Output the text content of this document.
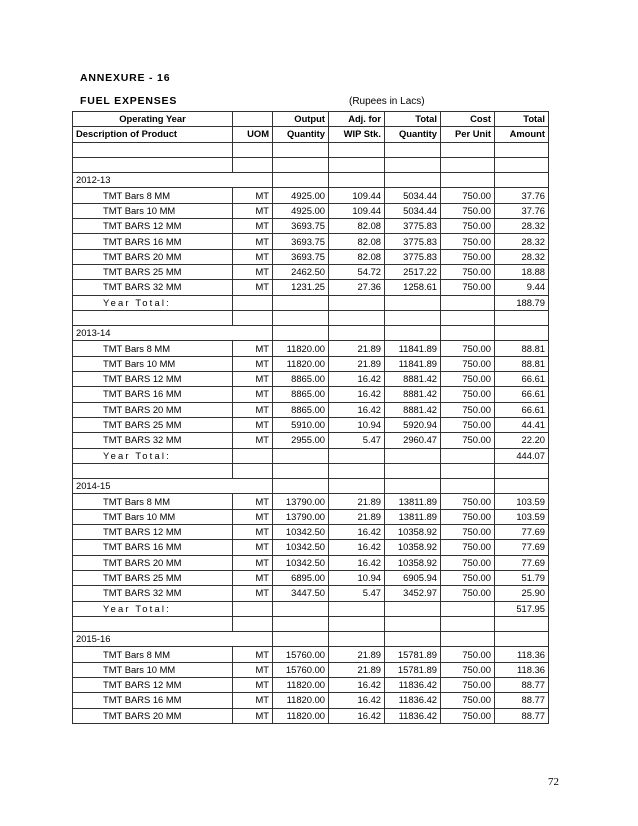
ANNEXURE - 16
FUEL EXPENSES	(Rupees in Lacs)
Operating Year		Output	Adj. for	Total	Cost	Total
Description of Product	UOM	Quantity	WIP Stk.	Quantity	Per Unit	Amount

2012-13						
TMT Bars 8 MM	MT	4925.00	109.44	5034.44	750.00	37.76
TMT Bars 10 MM	MT	4925.00	109.44	5034.44	750.00	37.76
TMT BARS 12 MM	MT	3693.75	82.08	3775.83	750.00	28.32
TMT BARS 16 MM	MT	3693.75	82.08	3775.83	750.00	28.32
TMT BARS 20 MM	MT	3693.75	82.08	3775.83	750.00	28.32
TMT BARS 25 MM	MT	2462.50	54.72	2517.22	750.00	18.88
TMT BARS 32 MM	MT	1231.25	27.36	1258.61	750.00	9.44
Year Total:						188.79

2013-14						
TMT Bars 8 MM	MT	11820.00	21.89	11841.89	750.00	88.81
TMT Bars 10 MM	MT	11820.00	21.89	11841.89	750.00	88.81
TMT BARS 12 MM	MT	8865.00	16.42	8881.42	750.00	66.61
TMT BARS 16 MM	MT	8865.00	16.42	8881.42	750.00	66.61
TMT BARS 20 MM	MT	8865.00	16.42	8881.42	750.00	66.61
TMT BARS 25 MM	MT	5910.00	10.94	5920.94	750.00	44.41
TMT BARS 32 MM	MT	2955.00	5.47	2960.47	750.00	22.20
Year Total:						444.07

2014-15						
TMT Bars 8 MM	MT	13790.00	21.89	13811.89	750.00	103.59
TMT Bars 10 MM	MT	13790.00	21.89	13811.89	750.00	103.59
TMT BARS 12 MM	MT	10342.50	16.42	10358.92	750.00	77.69
TMT BARS 16 MM	MT	10342.50	16.42	10358.92	750.00	77.69
TMT BARS 20 MM	MT	10342.50	16.42	10358.92	750.00	77.69
TMT BARS 25 MM	MT	6895.00	10.94	6905.94	750.00	51.79
TMT BARS 32 MM	MT	3447.50	5.47	3452.97	750.00	25.90
Year Total:						517.95

2015-16						
TMT Bars 8 MM	MT	15760.00	21.89	15781.89	750.00	118.36
TMT Bars 10 MM	MT	15760.00	21.89	15781.89	750.00	118.36
TMT BARS 12 MM	MT	11820.00	16.42	11836.42	750.00	88.77
TMT BARS 16 MM	MT	11820.00	16.42	11836.42	750.00	88.77
TMT BARS 20 MM	MT	11820.00	16.42	11836.42	750.00	88.77
72
